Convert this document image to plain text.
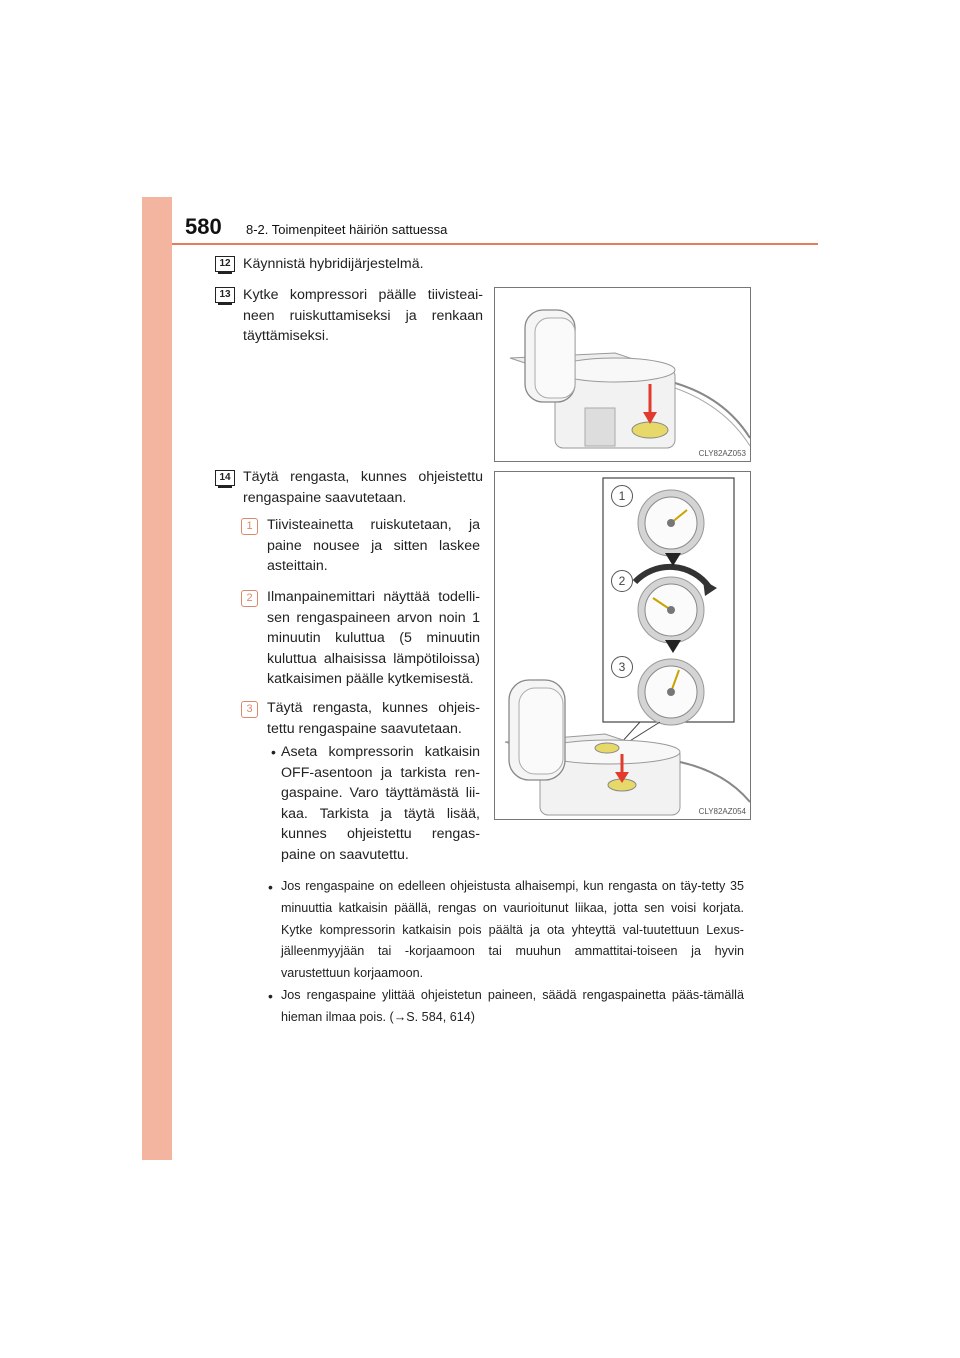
580 8-2. Toimenpiteet häiriön sattuessa
12 Käynnistä hybridijärjestelmä.
13 Kytke kompressori päälle tiivisteai-neen ruiskuttamiseksi ja renkaan täyttämiseksi.
CLY82AZ053
14 Täytä rengasta, kunnes ohjeistettu rengaspaine saavutetaan.
1	Tiivisteainetta ruiskutetaan, ja paine nousee ja sitten laskee asteittain.
2	Ilmanpainemittari näyttää todelli-sen rengaspaineen arvon noin 1 minuutin kuluttua (5 minuutin kuluttua alhaisissa lämpötiloissa) katkaisimen päälle kytkemisestä.
3	Täytä rengasta, kunnes ohjeis-tettu rengaspaine saavutetaan.
• Aseta kompressorin katkaisin OFF-asentoon ja tarkista ren-gaspaine. Varo täyttämästä lii-kaa. Tarkista ja täytä lisää, kunnes ohjeistettu rengas-paine on saavutettu.
1
2
3
CLY82AZ054
• Jos rengaspaine on edelleen ohjeistusta alhaisempi, kun rengasta on täy-tetty 35 minuuttia katkaisin päällä, rengas on vaurioitunut liikaa, jotta sen voisi korjata. Kytke kompressorin katkaisin pois päältä ja ota yhteyttä val-tuutettuun Lexus-jälleenmyyjään tai -korjaamoon tai muuhun ammattitai-toiseen ja hyvin varustettuun korjaamoon.
• Jos rengaspaine ylittää ohjeistetun paineen, säädä rengaspainetta pääs-tämällä hieman ilmaa pois. (→S. 584, 614)
